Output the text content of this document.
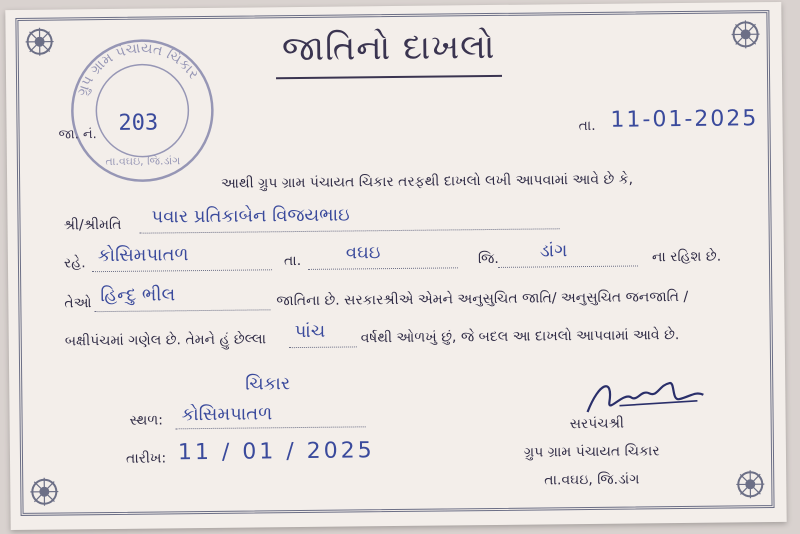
ગ્રુપ ગ્રામ પંચાયત ચિકાર
તા.વઘઇ, જિ.ડાંગ
જાતિનો દાખલો
જા. નં. 203	તા. 11-01-2025
આથી ગ્રુપ ગ્રામ પંચાયત ચિકાર તરફથી દાખલો લખી આપવામાં આવે છે કે,
શ્રી/શ્રીમતિ પવાર પ્રતિકાબેન વિજયભાઇ
રહે. કોસિમપાતળ	તા. વઘઇ	જિ. ડાંગ	ના રહિશ છે.
તેઓ હિન્દુ ભીલ	જાતિના છે. સરકારશ્રીએ એમને અનુસુચિત જાતિ/ અનુસુચિત જનજાતિ /
બક્ષીપંચમાં ગણેલ છે. તેમને હું છેલ્લા પાંચ	વર્ષથી ઓળખું છું, જે બદલ આ દાખલો આપવામાં આવે છે.
ચિકાર
સ્થળ: કોસિમપાતળ
તારીખ: 11 / 01 / 2025
સરપંચશ્રી
ગ્રુપ ગ્રામ પંચાયત ચિકાર
તા.વઘઇ, જિ.ડાંગ
